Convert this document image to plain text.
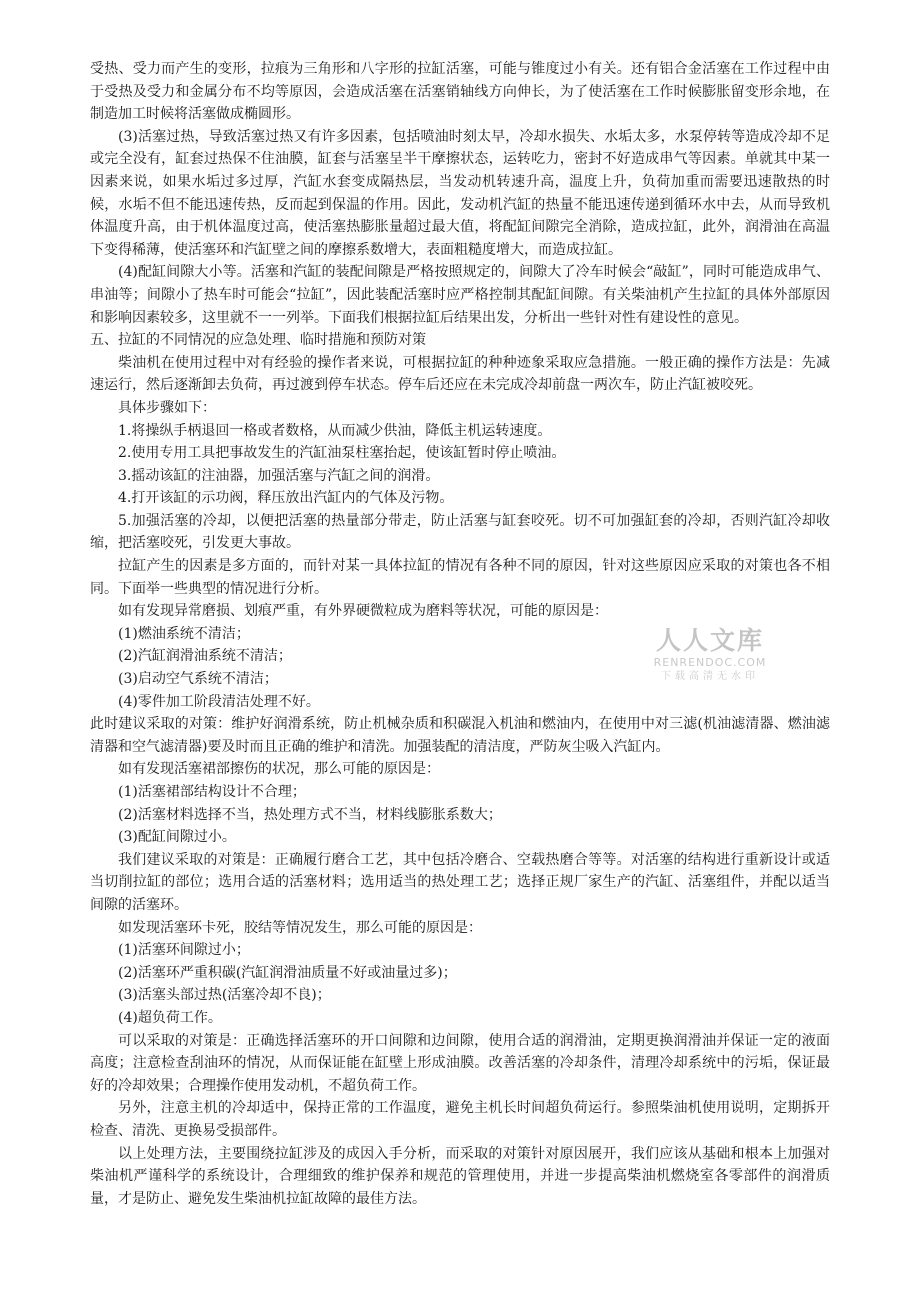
受热、受力而产生的变形，拉痕为三角形和八字形的拉缸活塞，可能与锥度过小有关。还有铝合金活塞在工作过程中由于受热及受力和金属分布不均等原因，会造成活塞在活塞销轴线方向伸长，为了使活塞在工作时候膨胀留变形余地，在制造加工时候将活塞做成椭圆形。

(3)活塞过热，导致活塞过热又有许多因素，包括喷油时刻太早，冷却水损失、水垢太多，水泵停转等造成冷却不足或完全没有，缸套过热保不住油膜，缸套与活塞呈半干摩擦状态，运转吃力，密封不好造成串气等因素。单就其中某一因素来说，如果水垢过多过厚，汽缸水套变成隔热层，当发动机转速升高，温度上升，负荷加重而需要迅速散热的时候，水垢不但不能迅速传热，反而起到保温的作用。因此，发动机汽缸的热量不能迅速传递到循环水中去，从而导致机体温度升高，由于机体温度过高，使活塞热膨胀量超过最大值，将配缸间隙完全消除，造成拉缸，此外，润滑油在高温下变得稀薄，使活塞环和汽缸壁之间的摩擦系数增大，表面粗糙度增大，而造成拉缸。

(4)配缸间隙大小等。活塞和汽缸的装配间隙是严格按照规定的，间隙大了冷车时候会“敲缸”，同时可能造成串气、串油等；间隙小了热车时可能会“拉缸”，因此装配活塞时应严格控制其配缸间隙。有关柴油机产生拉缸的具体外部原因和影响因素较多，这里就不一一列举。下面我们根据拉缸后结果出发，分析出一些针对性有建设性的意见。

五、拉缸的不同情况的应急处理、临时措施和预防对策

柴油机在使用过程中对有经验的操作者来说，可根据拉缸的种种迹象采取应急措施。一般正确的操作方法是：先减速运行，然后逐渐卸去负荷，再过渡到停车状态。停车后还应在未完成冷却前盘一两次车，防止汽缸被咬死。

具体步骤如下：

1.将操纵手柄退回一格或者数格，从而减少供油，降低主机运转速度。

2.使用专用工具把事故发生的汽缸油泵柱塞抬起，使该缸暂时停止喷油。

3.摇动该缸的注油器，加强活塞与汽缸之间的润滑。

4.打开该缸的示功阀，释压放出汽缸内的气体及污物。

5.加强活塞的冷却，以便把活塞的热量部分带走，防止活塞与缸套咬死。切不可加强缸套的冷却，否则汽缸冷却收缩，把活塞咬死，引发更大事故。

拉缸产生的因素是多方面的，而针对某一具体拉缸的情况有各种不同的原因，针对这些原因应采取的对策也各不相同。下面举一些典型的情况进行分析。

如有发现异常磨损、划痕严重，有外界硬微粒成为磨料等状况，可能的原因是：

(1)燃油系统不清洁；

(2)汽缸润滑油系统不清洁；

(3)启动空气系统不清洁；

(4)零件加工阶段清洁处理不好。

此时建议采取的对策：维护好润滑系统，防止机械杂质和积碳混入机油和燃油内，在使用中对三滤(机油滤清器、燃油滤清器和空气滤清器)要及时而且正确的维护和清洗。加强装配的清洁度，严防灰尘吸入汽缸内。

如有发现活塞裙部擦伤的状况，那么可能的原因是：

(1)活塞裙部结构设计不合理；

(2)活塞材料选择不当，热处理方式不当，材料线膨胀系数大；

(3)配缸间隙过小。

我们建议采取的对策是：正确履行磨合工艺，其中包括冷磨合、空载热磨合等等。对活塞的结构进行重新设计或适当切削拉缸的部位；选用合适的活塞材料；选用适当的热处理工艺；选择正规厂家生产的汽缸、活塞组件，并配以适当间隙的活塞环。

如发现活塞环卡死，胶结等情况发生，那么可能的原因是：

(1)活塞环间隙过小；

(2)活塞环严重积碳(汽缸润滑油质量不好或油量过多)；

(3)活塞头部过热(活塞冷却不良)；

(4)超负荷工作。

可以采取的对策是：正确选择活塞环的开口间隙和边间隙，使用合适的润滑油，定期更换润滑油并保证一定的液面高度；注意检查刮油环的情况，从而保证能在缸壁上形成油膜。改善活塞的冷却条件，清理冷却系统中的污垢，保证最好的冷却效果；合理操作使用发动机，不超负荷工作。

另外，注意主机的冷却适中，保持正常的工作温度，避免主机长时间超负荷运行。参照柴油机使用说明，定期拆开检查、清洗、更换易受损部件。

以上处理方法，主要围绕拉缸涉及的成因入手分析，而采取的对策针对原因展开，我们应该从基础和根本上加强对柴油机严谨科学的系统设计，合理细致的维护保养和规范的管理使用，并进一步提高柴油机燃烧室各零部件的润滑质量，才是防止、避免发生柴油机拉缸故障的最佳方法。

人人文库
RENRENDOC.COM
下载高清无水印
